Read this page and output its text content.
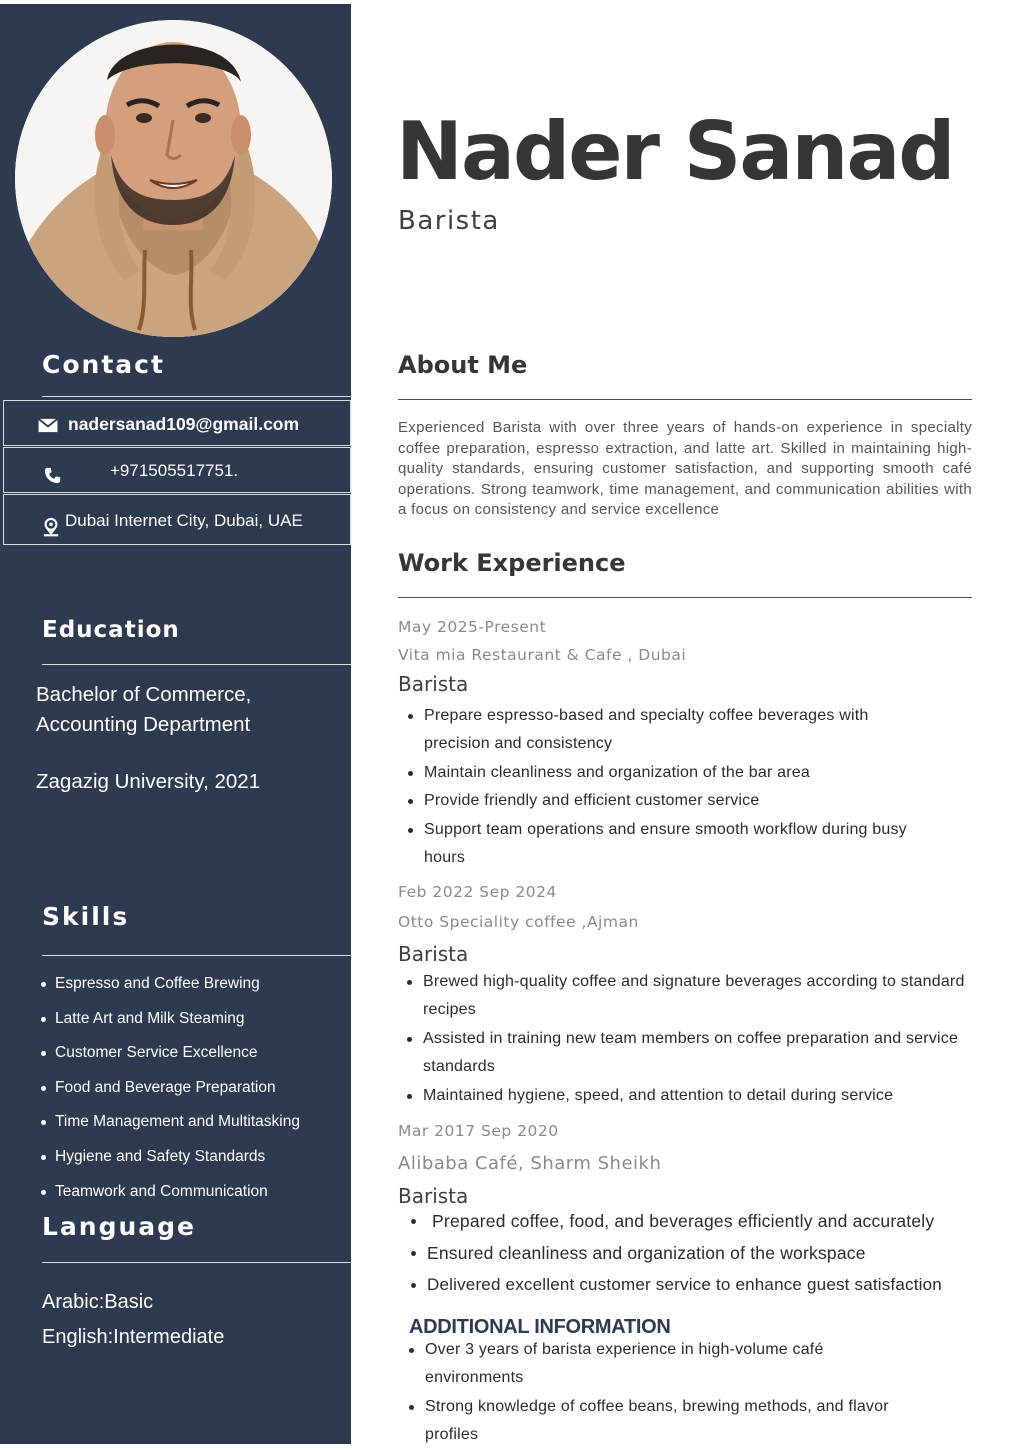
Contact
nadersanad109@gmail.com
+971505517751.
Dubai Internet City, Dubai, UAE
Education
Bachelor of Commerce,
Accounting Department
Zagazig University, 2021
Skills
Espresso and Coffee Brewing
Latte Art and Milk Steaming
Customer Service Excellence
Food and Beverage Preparation
Time Management and Multitasking
Hygiene and Safety Standards
Teamwork and Communication
Language
Arabic:Basic
English:Intermediate
Nader Sanad
Barista
About Me

Experienced Barista with over three years of hands-on experience in specialty coffee preparation, espresso extraction, and latte art. Skilled in maintaining high-quality standards, ensuring customer satisfaction, and supporting smooth café operations. Strong teamwork, time management, and communication abilities with a focus on consistency and service excellence

Work Experience
May 2025-Present
Vita mia Restaurant & Cafe , Dubai
Barista
Prepare espresso-based and specialty coffee beverages with precision and consistency
Maintain cleanliness and organization of the bar area
Provide friendly and efficient customer service
Support team operations and ensure smooth workflow during busy hours
Feb 2022 Sep 2024
Otto Speciality coffee ,Ajman
Barista
Brewed high-quality coffee and signature beverages according to standard recipes
Assisted in training new team members on coffee preparation and service standards
Maintained hygiene, speed, and attention to detail during service
Mar 2017 Sep 2020
Alibaba Café, Sharm Sheikh
Barista
Prepared coffee, food, and beverages efficiently and accurately
Ensured cleanliness and organization of the workspace
Delivered excellent customer service to enhance guest satisfaction
ADDITIONAL INFORMATION
Over 3 years of barista experience in high-volume café environments
Strong knowledge of coffee beans, brewing methods, and flavor profiles
